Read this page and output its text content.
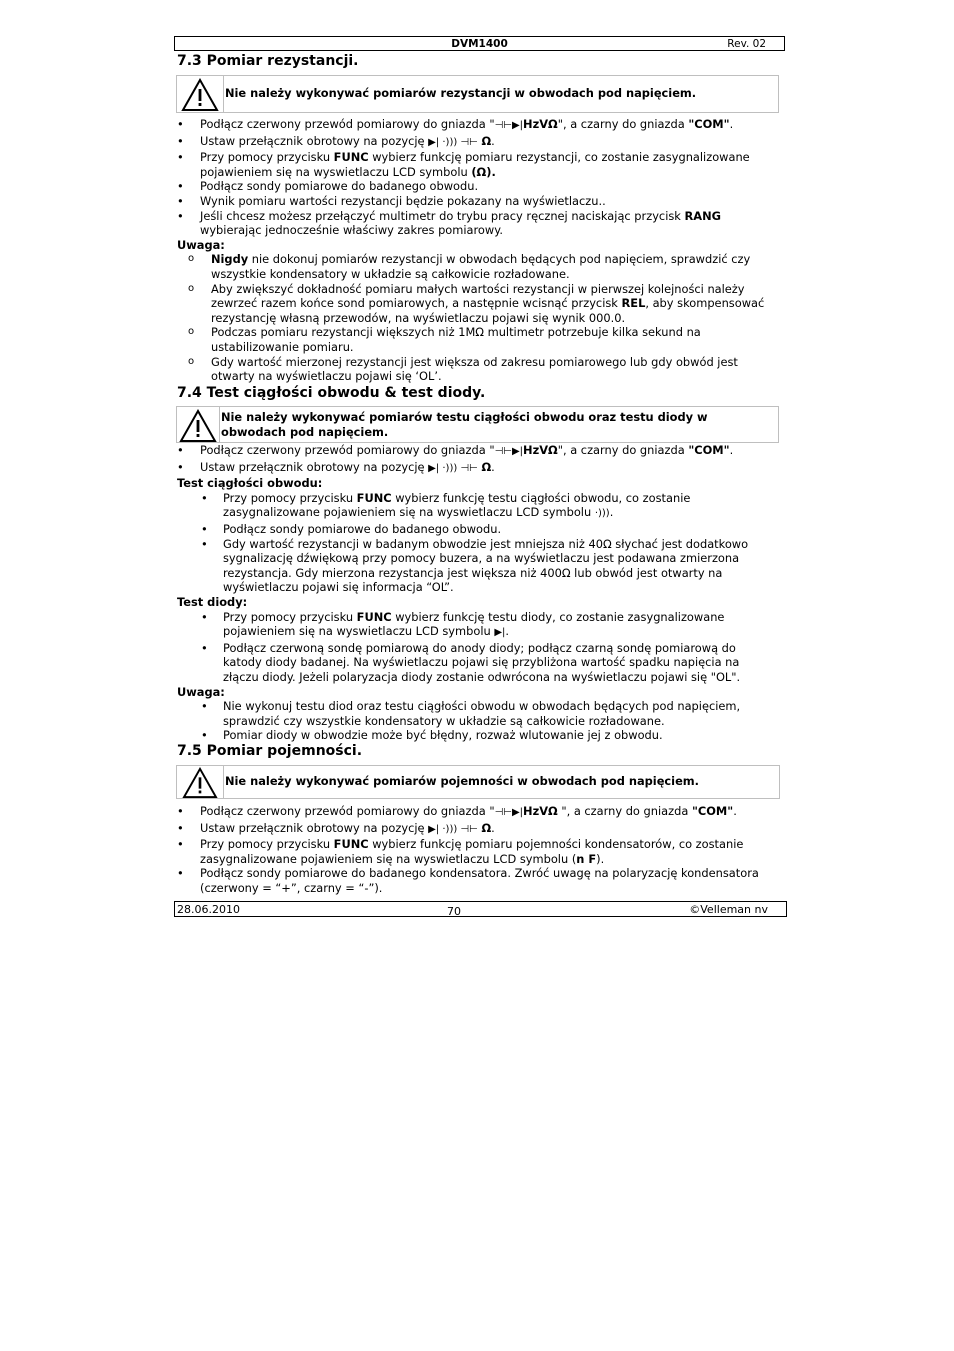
DVM1400	Rev. 02
7.3 Pomiar rezystancji.
Nie należy wykonywać pomiarów rezystancji w obwodach pod napięciem.
• Podłącz czerwony przewód pomiarowy do gniazda "⊣⊢▶|HzVΩ", a czarny do gniazda "COM".
• Ustaw przełącznik obrotowy na pozycję ▶| ·))) ⊣⊢ Ω.
• Przy pomocy przycisku FUNC wybierz funkcję pomiaru rezystancji, co zostanie zasygnalizowane pojawieniem się na wyswietlaczu LCD symbolu (Ω).
• Podłącz sondy pomiarowe do badanego obwodu.
• Wynik pomiaru wartości rezystancji będzie pokazany na wyświetlaczu..
• Jeśli chcesz możesz przełączyć multimetr do trybu pracy ręcznej naciskając przycisk RANG wybierając jednocześnie właściwy zakres pomiarowy.
Uwaga:
o Nigdy nie dokonuj pomiarów rezystancji w obwodach będących pod napięciem, sprawdzić czy wszystkie kondensatory w układzie są całkowicie rozładowane.
o Aby zwiększyć dokładność pomiaru małych wartości rezystancji w pierwszej kolejności należy zewrzeć razem końce sond pomiarowych, a następnie wcisnąć przycisk REL, aby skompensować rezystancję własną przewodów, na wyświetlaczu pojawi się wynik 000.0.
o Podczas pomiaru rezystancji większych niż 1MΩ multimetr potrzebuje kilka sekund na ustabilizowanie pomiaru.
o Gdy wartość mierzonej rezystancji jest większa od zakresu pomiarowego lub gdy obwód jest otwarty na wyświetlaczu pojawi się ‘OL’.
7.4 Test ciągłości obwodu & test diody.
Nie należy wykonywać pomiarów testu ciągłości obwodu oraz testu diody w obwodach pod napięciem.
• Podłącz czerwony przewód pomiarowy do gniazda "⊣⊢▶|HzVΩ", a czarny do gniazda "COM".
• Ustaw przełącznik obrotowy na pozycję ▶| ·))) ⊣⊢ Ω.
Test ciągłości obwodu:
• Przy pomocy przycisku FUNC wybierz funkcję testu ciągłości obwodu, co zostanie zasygnalizowane pojawieniem się na wyswietlaczu LCD symbolu ·))).
• Podłącz sondy pomiarowe do badanego obwodu.
• Gdy wartość rezystancji w badanym obwodzie jest mniejsza niż 40Ω słychać jest dodatkowo sygnalizację dźwiękową przy pomocy buzera, a na wyświetlaczu jest podawana zmierzona rezystancja. Gdy mierzona rezystancja jest większa niż 400Ω lub obwód jest otwarty na wyświetlaczu pojawi się informacja “OL”.
Test diody:
• Przy pomocy przycisku FUNC wybierz funkcję testu diody, co zostanie zasygnalizowane pojawieniem się na wyswietlaczu LCD symbolu ▶|.
• Podłącz czerwoną sondę pomiarową do anody diody; podłącz czarną sondę pomiarową do katody diody badanej. Na wyświetlaczu pojawi się przybliżona wartość spadku napięcia na złączu diody. Jeżeli polaryzacja diody zostanie odwrócona na wyświetlaczu pojawi się "OL".
Uwaga:
• Nie wykonuj testu diod oraz testu ciągłości obwodu w obwodach będących pod napięciem, sprawdzić czy wszystkie kondensatory w układzie są całkowicie rozładowane.
• Pomiar diody w obwodzie może być błędny, rozważ wlutowanie jej z obwodu.
7.5 Pomiar pojemności.
Nie należy wykonywać pomiarów pojemności w obwodach pod napięciem.
• Podłącz czerwony przewód pomiarowy do gniazda "⊣⊢▶|HzVΩ ", a czarny do gniazda "COM".
• Ustaw przełącznik obrotowy na pozycję ▶| ·))) ⊣⊢ Ω.
• Przy pomocy przycisku FUNC wybierz funkcję pomiaru pojemności kondensatorów, co zostanie zasygnalizowane pojawieniem się na wyswietlaczu LCD symbolu (n F).
• Podłącz sondy pomiarowe do badanego kondensatora. Zwróć uwagę na polaryzację kondensatora (czerwony = “+”, czarny = “-”).
28.06.2010	70	©Velleman nv
